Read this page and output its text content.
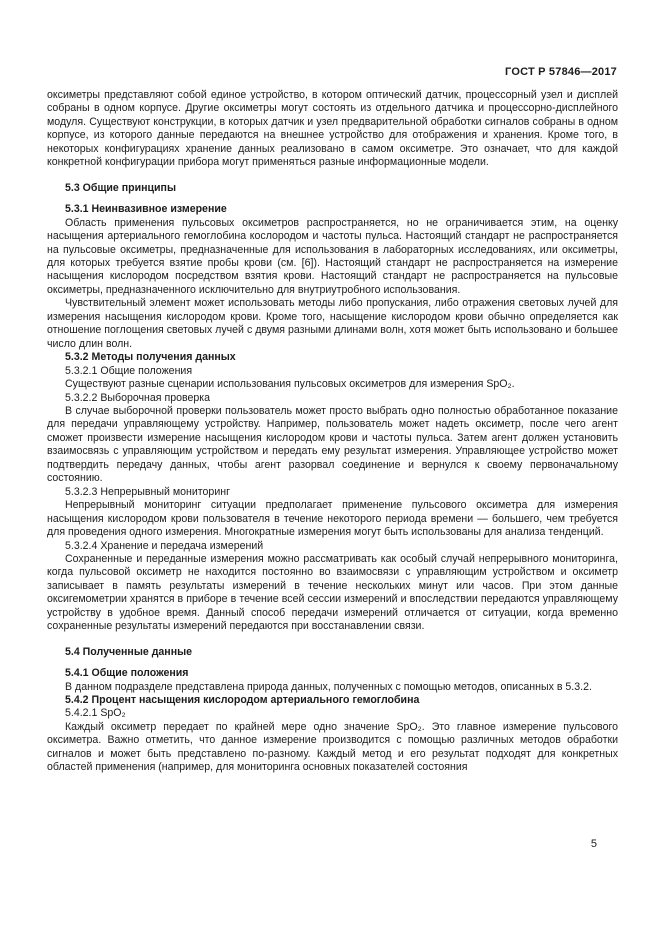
ГОСТ Р 57846—2017

оксиметры представляют собой единое устройство, в котором оптический датчик, процессорный узел и дисплей собраны в одном корпусе. Другие оксиметры могут состоять из отдельного датчика и процессорно-дисплейного модуля. Существуют конструкции, в которых датчик и узел предварительной обработки сигналов собраны в одном корпусе, из которого данные передаются на внешнее устройство для отображения и хранения. Кроме того, в некоторых конфигурациях хранение данных реализовано в самом оксиметре. Это означает, что для каждой конкретной конфигурации прибора могут применяться разные информационные модели.

5.3 Общие принципы

5.3.1 Неинвазивное измерение

Область применения пульсовых оксиметров распространяется, но не ограничивается этим, на оценку насыщения артериального гемоглобина кослородом и частоты пульса. Настоящий стандарт не распространяется на пульсовые оксиметры, предназначенные для использования в лабораторных исследованиях, или оксиметры, для которых требуется взятие пробы крови (см. [6]). Настоящий стандарт не распространяется на измерение насыщения кислородом посредством взятия крови. Настоящий стандарт не распространяется на пульсовые оксиметры, предназначенного исключительно для внутриутробного использования.

Чувствительный элемент может использовать методы либо пропускания, либо отражения световых лучей для измерения насыщения кислородом крови. Кроме того, насыщение кислородом крови обычно определяется как отношение поглощения световых лучей с двумя разными длинами волн, хотя может быть использовано и большее число длин волн.

5.3.2 Методы получения данных

5.3.2.1 Общие положения

Существуют разные сценарии использования пульсовых оксиметров для измерения SpO₂.

5.3.2.2 Выборочная проверка

В случае выборочной проверки пользователь может просто выбрать одно полностью обработанное показание для передачи управляющему устройству. Например, пользователь может надеть оксиметр, после чего агент сможет произвести измерение насыщения кислородом крови и частоты пульса. Затем агент должен установить взаимосвязь с управляющим устройством и передать ему результат измерения. Управляющее устройство может подтвердить передачу данных, чтобы агент разорвал соединение и вернулся к своему первоначальному состоянию.

5.3.2.3 Непрерывный мониторинг

Непрерывный мониторинг ситуации предполагает применение пульсового оксиметра для измерения насыщения кислородом крови пользователя в течение некоторого периода времени — большего, чем требуется для проведения одного измерения. Многократные измерения могут быть использованы для анализа тенденций.

5.3.2.4 Хранение и передача измерений

Сохраненные и переданные измерения можно рассматривать как особый случай непрерывного мониторинга, когда пульсовой оксиметр не находится постоянно во взаимосвязи с управляющим устройством и оксиметр записывает в память результаты измерений в течение нескольких минут или часов. При этом данные оксигемометрии хранятся в приборе в течение всей сессии измерений и впоследствии передаются управляющему устройству в удобное время. Данный способ передачи измерений отличается от ситуации, когда временно сохраненные результаты измерений передаются при восстанавлении связи.

5.4 Полученные данные

5.4.1 Общие положения

В данном подразделе представлена природа данных, полученных с помощью методов, описанных в 5.3.2.

5.4.2 Процент насыщения кислородом артериального гемоглобина

5.4.2.1 SpO₂

Каждый оксиметр передает по крайней мере одно значение SpO₂. Это главное измерение пульсового оксиметра. Важно отметить, что данное измерение производится с помощью различных методов обработки сигналов и может быть представлено по-разному. Каждый метод и его результат подходят для конкретных областей применения (например, для мониторинга основных показателей состояния

5
